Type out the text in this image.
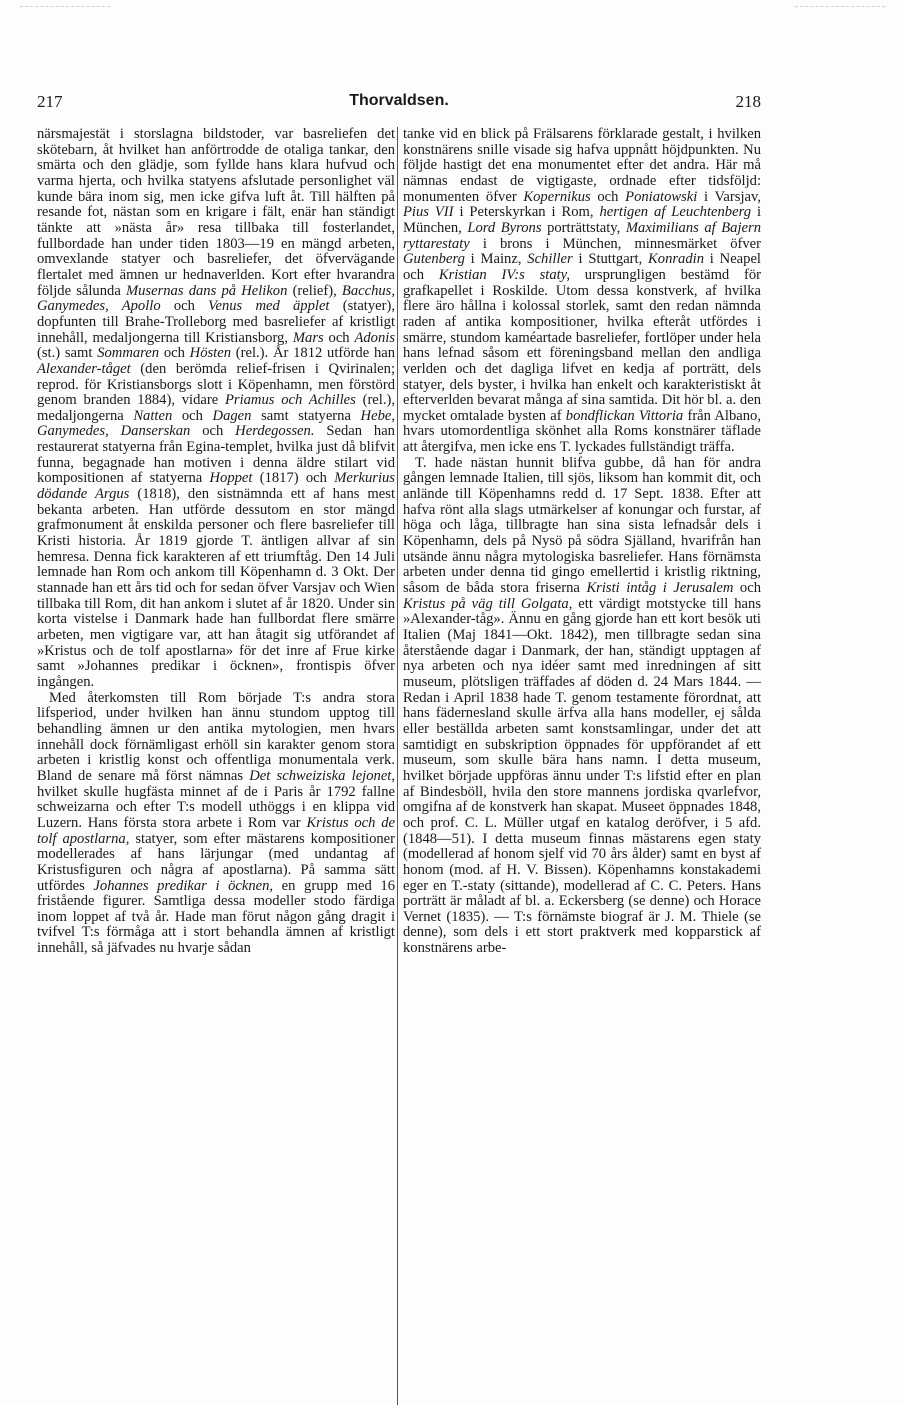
217	Thorvaldsen.	218

närsmajestät i storslagna bildstoder, var basreliefen det skötebarn, åt hvilket han anförtrodde de otaliga tankar, den smärta och den glädje, som fyllde hans klara hufvud och varma hjerta, och hvilka statyens afslutade personlighet väl kunde bära inom sig, men icke gifva luft åt. Till hälften på resande fot, nästan som en krigare i fält, enär han ständigt tänkte att »nästa år» resa tillbaka till fosterlandet, fullbordade han under tiden 1803—19 en mängd arbeten, omvexlande statyer och basreliefer, det öfvervägande flertalet med ämnen ur hednaverlden. Kort efter hvarandra följde sålunda Musernas dans på Helikon (relief), Bacchus, Ganymedes, Apollo och Venus med äpplet (statyer), dopfunten till Brahe-Trolleborg med basreliefer af kristligt innehåll, medaljongerna till Kristiansborg, Mars och Adonis (st.) samt Sommaren och Hösten (rel.). År 1812 utförde han Alexander-tåget (den berömda relief-frisen i Qvirinalen; reprod. för Kristiansborgs slott i Köpenhamn, men förstörd genom branden 1884), vidare Priamus och Achilles (rel.), medaljongerna Natten och Dagen samt statyerna Hebe, Ganymedes, Danserskan och Herdegossen. Sedan han restaurerat statyerna från Egina-templet, hvilka just då blifvit funna, begagnade han motiven i denna äldre stilart vid kompositionen af statyerna Hoppet (1817) och Merkurius dödande Argus (1818), den sistnämnda ett af hans mest bekanta arbeten. Han utförde dessutom en stor mängd grafmonument åt enskilda personer och flere basreliefer till Kristi historia. År 1819 gjorde T. äntligen allvar af sin hemresa. Denna fick karakteren af ett triumftåg. Den 14 Juli lemnade han Rom och ankom till Köpenhamn d. 3 Okt. Der stannade han ett års tid och for sedan öfver Varsjav och Wien tillbaka till Rom, dit han ankom i slutet af år 1820. Under sin korta vistelse i Danmark hade han fullbordat flere smärre arbeten, men vigtigare var, att han åtagit sig utförandet af »Kristus och de tolf apostlarna» för det inre af Frue kirke samt »Johannes predikar i öcknen», frontispis öfver ingången.

Med återkomsten till Rom började T:s andra stora lifsperiod, under hvilken han ännu stundom upptog till behandling ämnen ur den antika mytologien, men hvars innehåll dock förnämligast erhöll sin karakter genom stora arbeten i kristlig konst och offentliga monumentala verk. Bland de senare må först nämnas Det schweiziska lejonet, hvilket skulle hugfästa minnet af de i Paris år 1792 fallne schweizarna och efter T:s modell uthöggs i en klippa vid Luzern. Hans första stora arbete i Rom var Kristus och de tolf apostlarna, statyer, som efter mästarens kompositioner modellerades af hans lärjungar (med undantag af Kristusfiguren och några af apostlarna). På samma sätt utfördes Johannes predikar i öcknen, en grupp med 16 fristående figurer. Samtliga dessa modeller stodo färdiga inom loppet af två år. Hade man förut någon gång dragit i tvifvel T:s förmåga att i stort behandla ämnen af kristligt innehåll, så jäfvades nu hvarje sådan

tanke vid en blick på Frälsarens förklarade gestalt, i hvilken konstnärens snille visade sig hafva uppnått höjdpunkten. Nu följde hastigt det ena monumentet efter det andra. Här må nämnas endast de vigtigaste, ordnade efter tidsföljd: monumenten öfver Kopernikus och Poniatowski i Varsjav, Pius VII i Peterskyrkan i Rom, hertigen af Leuchtenberg i München, Lord Byrons porträttstaty, Maximilians af Bajern ryttarestaty i brons i München, minnesmärket öfver Gutenberg i Mainz, Schiller i Stuttgart, Konradin i Neapel och Kristian IV:s staty, ursprungligen bestämd för grafkapellet i Roskilde. Utom dessa konstverk, af hvilka flere äro hållna i kolossal storlek, samt den redan nämnda raden af antika kompositioner, hvilka efteråt utfördes i smärre, stundom kaméartade basreliefer, fortlöper under hela hans lefnad såsom ett föreningsband mellan den andliga verlden och det dagliga lifvet en kedja af porträtt, dels statyer, dels byster, i hvilka han enkelt och karakteristiskt åt efterverlden bevarat många af sina samtida. Dit hör bl. a. den mycket omtalade bysten af bondflickan Vittoria från Albano, hvars utomordentliga skönhet alla Roms konstnärer täflade att återgifva, men icke ens T. lyckades fullständigt träffa.

T. hade nästan hunnit blifva gubbe, då han för andra gången lemnade Italien, till sjös, liksom han kommit dit, och anlände till Köpenhamns redd d. 17 Sept. 1838. Efter att hafva rönt alla slags utmärkelser af konungar och furstar, af höga och låga, tillbragte han sina sista lefnadsår dels i Köpenhamn, dels på Nysö på södra Själland, hvarifrån han utsände ännu några mytologiska basreliefer. Hans förnämsta arbeten under denna tid gingo emellertid i kristlig riktning, såsom de båda stora friserna Kristi intåg i Jerusalem och Kristus på väg till Golgata, ett värdigt motstycke till hans »Alexander-tåg». Ännu en gång gjorde han ett kort besök uti Italien (Maj 1841—Okt. 1842), men tillbragte sedan sina återstående dagar i Danmark, der han, ständigt upptagen af nya arbeten och nya idéer samt med inredningen af sitt museum, plötsligen träffades af döden d. 24 Mars 1844. — Redan i April 1838 hade T. genom testamente förordnat, att hans fädernesland skulle ärfva alla hans modeller, ej sålda eller beställda arbeten samt konstsamlingar, under det att samtidigt en subskription öppnades för uppförandet af ett museum, som skulle bära hans namn. I detta museum, hvilket började uppföras ännu under T:s lifstid efter en plan af Bindesböll, hvila den store mannens jordiska qvarlefvor, omgifna af de konstverk han skapat. Museet öppnades 1848, och prof. C. L. Müller utgaf en katalog deröfver, i 5 afd. (1848—51). I detta museum finnas mästarens egen staty (modellerad af honom sjelf vid 70 års ålder) samt en byst af honom (mod. af H. V. Bissen). Köpenhamns konstakademi eger en T.-staty (sittande), modellerad af C. C. Peters. Hans porträtt är måladt af bl. a. Eckersberg (se denne) och Horace Vernet (1835). — T:s förnämste biograf är J. M. Thiele (se denne), som dels i ett stort praktverk med kopparstick af konstnärens arbe-
